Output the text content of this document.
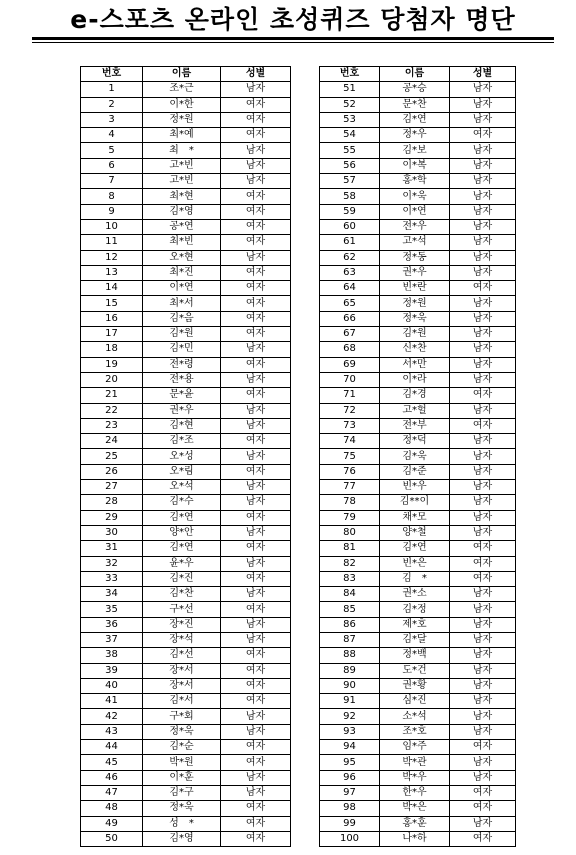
e-스포츠 온라인 초성퀴즈 당첨자 명단
번호	이름	성별
1	조*근	남자
2	이*한	여자
3	정*원	여자
4	최*예	여자
5	최　*	남자
6	고*빈	남자
7	고*빈	남자
8	최*현	여자
9	김*영	여자
10	공*연	여자
11	최*빈	여자
12	오*현	남자
13	최*진	여자
14	이*연	여자
15	최*서	여자
16	김*음	여자
17	김*원	여자
18	김*민	남자
19	전*령	여자
20	전*용	남자
21	문*윤	여자
22	권*우	남자
23	김*현	남자
24	김*조	여자
25	오*성	남자
26	오*림	여자
27	오*석	남자
28	김*수	남자
29	김*연	여자
30	양*안	남자
31	김*연	여자
32	윤*우	남자
33	김*진	여자
34	김*찬	남자
35	구*선	여자
36	장*진	남자
37	장*석	남자
38	김*선	여자
39	장*서	여자
40	장*서	여자
41	김*서	여자
42	구*회	남자
43	정*욱	남자
44	김*순	여자
45	박*원	여자
46	이*훈	남자
47	김*구	남자
48	정*욱	여자
49	성　*	여자
50	김*영	여자
번호	이름	성별
51	공*승	남자
52	문*찬	남자
53	김*연	남자
54	정*우	여자
55	김*보	남자
56	이*복	남자
57	홍*학	남자
58	이*욱	남자
59	이*연	남자
60	전*우	남자
61	고*석	남자
62	정*동	남자
63	권*우	남자
64	빈*란	여자
65	정*원	남자
66	정*욱	남자
67	김*원	남자
68	신*찬	남자
69	서*만	남자
70	이*라	남자
71	김*경	여자
72	고*헐	남자
73	전*부	여자
74	정*덕	남자
75	김*욱	남자
76	김*준	남자
77	빈*우	남자
78	김**이	남자
79	채*모	남자
80	양*철	남자
81	김*연	여자
82	빈*은	여자
83	김　*	여자
84	권*소	남자
85	김*정	남자
86	제*호	남자
87	김*달	남자
88	정*백	남자
89	도*건	남자
90	권*황	남자
91	심*진	남자
92	소*석	남자
93	조*호	남자
94	임*주	여자
95	박*관	남자
96	박*우	남자
97	한*우	여자
98	박*은	여자
99	홍*훈	남자
100	나*하	여자
